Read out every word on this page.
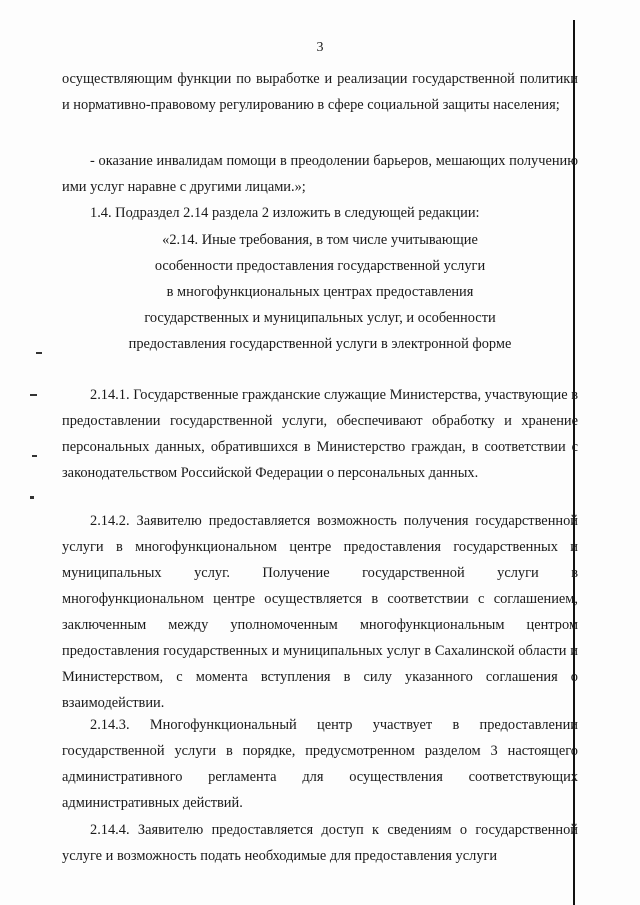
3

осуществляющим функции по выработке и реализации государственной политики и нормативно-правовому регулированию в сфере социальной защиты населения;

- оказание инвалидам помощи в преодолении барьеров, мешающих получению ими услуг наравне с другими лицами.»;

1.4. Подраздел 2.14 раздела 2 изложить в следующей редакции:

«2.14. Иные требования, в том числе учитывающие

особенности предоставления государственной услуги

в многофункциональных центрах предоставления

государственных и муниципальных услуг, и особенности

предоставления государственной услуги в электронной форме

2.14.1. Государственные гражданские служащие Министерства, участвующие в предоставлении государственной услуги, обеспечивают обработку и хранение персональных данных, обратившихся в Министерство граждан, в соответствии с законодательством Российской Федерации о персональных данных.

2.14.2. Заявителю предоставляется возможность получения государственной услуги в многофункциональном центре предоставления государственных и муниципальных услуг. Получение государственной услуги в многофункциональном центре осуществляется в соответствии с соглашением, заключенным между уполномоченным многофункциональным центром предоставления государственных и муниципальных услуг в Сахалинской области и Министерством, с момента вступления в силу указанного соглашения о взаимодействии.

2.14.3. Многофункциональный центр участвует в предоставлении государственной услуги в порядке, предусмотренном разделом 3 настоящего административного регламента для осуществления соответствующих административных действий.

2.14.4. Заявителю предоставляется доступ к сведениям о государственной услуге и возможность подать необходимые для предоставления услуги
